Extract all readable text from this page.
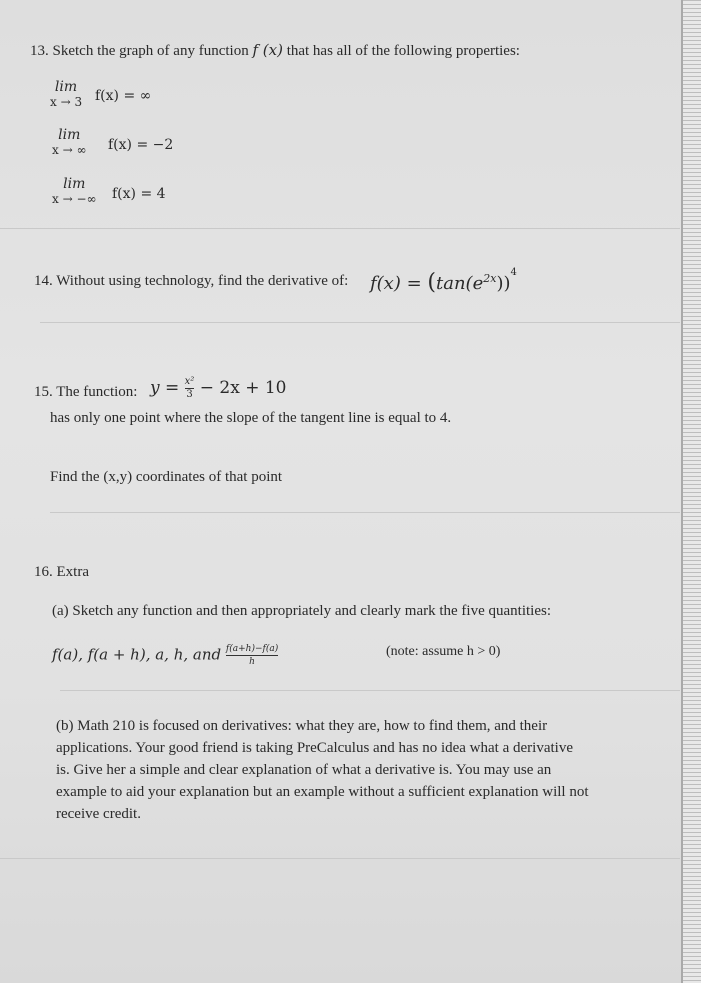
13. Sketch the graph of any function f (x) that has all of the following properties:
lim
x → 3 f(x) = ∞
lim
x → ∞ f(x) = −2
lim
x → −∞ f(x) = 4
14. Without using technology, find the derivative of: $f(x) = (\tan(e^{2x}))^4$
15. The function: $y = \frac{\text{x²}}{3} - 2x + 10$
has only one point where the slope of the tangent line is equal to 4.
Find the (x,y) coordinates of that point
16. Extra
(a) Sketch any function and then appropriately and clearly mark the five quantities:
f(a), f(a + h), a, h, and $\frac{f(a+h)-f(a)}{h}$	(note: assume h > 0)
(b) Math 210 is focused on derivatives: what they are, how to find them, and their
applications. Your good friend is taking PreCalculus and has no idea what a derivative
is. Give her a simple and clear explanation of what a derivative is. You may use an
example to aid your explanation but an example without a sufficient explanation will not
receive credit.
